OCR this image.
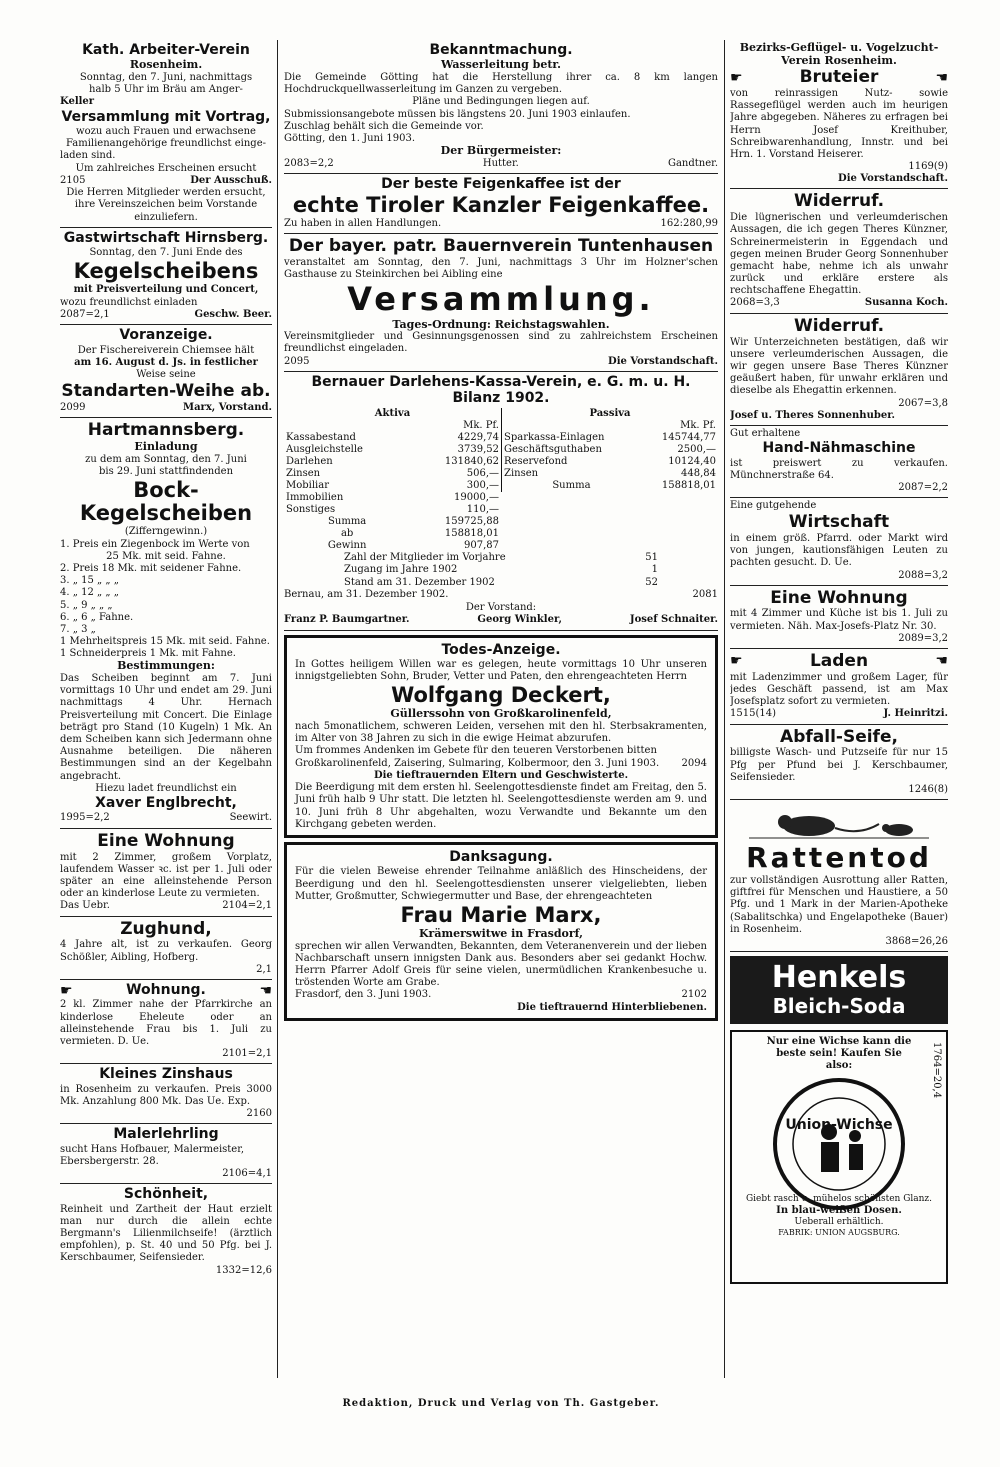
Kath. Arbeiter-Verein
Rosenheim.

Sonntag, den 7. Juni, nachmittags

halb 5 Uhr im Bräu am Anger-

Keller

Versammlung mit Vortrag,

wozu auch Frauen und erwachsene

Familienangehörige freundlichst einge-

laden sind.

Um zahlreiches Erscheinen ersucht

2105	Der Ausschuß.

Die Herren Mitglieder werden ersucht,

ihre Vereinszeichen beim Vorstande

einzuliefern.

Gastwirtschaft Hirnsberg.

Sonntag, den 7. Juni Ende des

Kegelscheibens

mit Preisverteilung und Concert,

wozu freundlichst einladen

2087=2,1	Geschw. Beer.
Voranzeige.

Der Fischereiverein Chiemsee hält

am 16. August d. Js. in festlicher

Weise seine

Standarten-Weihe ab.
2099	Marx, Vorstand.
Hartmannsberg.
Einladung

zu dem am Sonntag, den 7. Juni

bis 29. Juni stattfindenden

Bock-Kegelscheiben

(Zifferngewinn.)

1. Preis ein Ziegenbock im Werte von

25 Mk. mit seid. Fahne.

2. Preis 18 Mk. mit seidener Fahne.

3. „ 15 „ „ „

4. „ 12 „ „ „

5. „ 9 „ „ „

6. „ 6 „ Fahne.

7. „ 3 „

1 Mehrheitspreis 15 Mk. mit seid. Fahne.

1 Schneiderpreis 1 Mk. mit Fahne.

Bestimmungen:

Das Scheiben beginnt am 7. Juni vormittags 10 Uhr und endet am 29. Juni nachmittags 4 Uhr. Hernach Preisverteilung mit Concert. Die Einlage beträgt pro Stand (10 Kugeln) 1 Mk. An dem Scheiben kann sich Jedermann ohne Ausnahme beteiligen. Die näheren Bestimmungen sind an der Kegelbahn angebracht.

Hiezu ladet freundlichst ein

Xaver Englbrecht,
1995=2,2	Seewirt.
Eine Wohnung

mit 2 Zimmer, großem Vorplatz, laufendem Wasser ꝛc. ist per 1. Juli oder später an eine alleinstehende Person oder an kinderlose Leute zu vermieten.

Das Uebr.	2104=2,1
Zughund,

4 Jahre alt, ist zu verkaufen. Georg Schößler, Aibling, Hofberg.

2,1

☛	Wohnung.	☚

2 kl. Zimmer nahe der Pfarrkirche an kinderlose Eheleute oder an alleinstehende Frau bis 1. Juli zu vermieten. D. Ue.

2101=2,1

Kleines Zinshaus

in Rosenheim zu verkaufen. Preis 3000 Mk. Anzahlung 800 Mk. Das Ue. Exp.

2160

Malerlehrling

sucht Hans Hofbauer, Malermeister, Ebersbergerstr. 28.

2106=4,1

Schönheit,

Reinheit und Zartheit der Haut erzielt man nur durch die allein echte Bergmann's Lilienmilchseife! (ärztlich empfohlen), p. St. 40 und 50 Pfg. bei J. Kerschbaumer, Seifensieder.

1332=12,6

Bekanntmachung.
Wasserleitung betr.

Die Gemeinde Götting hat die Herstellung ihrer ca. 8 km langen Hochdruckquellwasserleitung im Ganzen zu vergeben.

Pläne und Bedingungen liegen auf.

Submissionsangebote müssen bis längstens 20. Juni 1903 einlaufen.

Zuschlag behält sich die Gemeinde vor.

Götting, den 1. Juni 1903.

Der Bürgermeister:
2083=2,2	Hutter.	Gandtner.
Der beste Feigenkaffee ist der
echte Tiroler Kanzler Feigenkaffee.
Zu haben in allen Handlungen.	162:280,99
Der bayer. patr. Bauernverein Tuntenhausen

veranstaltet am Sonntag, den 7. Juni, nachmittags 3 Uhr im Holzner'schen Gasthause zu Steinkirchen bei Aibling eine

Versammlung.
Tages-Ordnung: Reichstagswahlen.

Vereinsmitglieder und Gesinnungsgenossen sind zu zahlreichstem Erscheinen freundlichst eingeladen.

2095	Die Vorstandschaft.
Bernauer Darlehens-Kassa-Verein, e. G. m. u. H.
Bilanz 1902.
Aktiva	
	Mk. Pf.
Kassabestand	4229,74
Ausgleichstelle	3739,52
Darlehen	131840,62
Zinsen	506,—
Mobiliar	300,—
Immobilien	19000,—
Sonstiges	110,—
Summa	159725,88
ab	158818,01
Gewinn	907,87
Passiva	
	Mk. Pf.
Sparkassa-Einlagen	145744,77
Geschäftsguthaben	2500,—
Reservefond	10124,40
Zinsen	448,84
Summa	158818,01
Zahl der Mitglieder im Vorjahre	51
Zugang im Jahre 1902	1
Stand am 31. Dezember 1902	52
Bernau, am 31. Dezember 1902.	2081

Der Vorstand:

Franz P. Baumgartner.	Georg Winkler,	Josef Schnaiter.
Todes-Anzeige.

In Gottes heiligem Willen war es gelegen, heute vormittags 10 Uhr unseren innigstgeliebten Sohn, Bruder, Vetter und Paten, den ehrengeachteten Herrn

Wolfgang Deckert,
Güllerssohn von Großkarolinenfeld,

nach 5monatlichem, schweren Leiden, versehen mit den hl. Sterbsakramenten, im Alter von 38 Jahren zu sich in die ewige Heimat abzurufen.

Um frommes Andenken im Gebete für den teueren Verstorbenen bitten

Großkarolinenfeld, Zaisering, Sulmaring, Kolbermoor, den 3. Juni 1903. 2094

Die tieftrauernden Eltern und Geschwisterte.

Die Beerdigung mit dem ersten hl. Seelengottesdienste findet am Freitag, den 5. Juni früh halb 9 Uhr statt. Die letzten hl. Seelengottesdienste werden am 9. und 10. Juni früh 8 Uhr abgehalten, wozu Verwandte und Bekannte um den Kirchgang gebeten werden.

Danksagung.

Für die vielen Beweise ehrender Teilnahme anläßlich des Hinscheidens, der Beerdigung und den hl. Seelengottesdiensten unserer vielgeliebten, lieben Mutter, Großmutter, Schwiegermutter und Base, der ehrengeachteten

Frau Marie Marx,
Krämerswitwe in Frasdorf,

sprechen wir allen Verwandten, Bekannten, dem Veteranenverein und der lieben Nachbarschaft unsern innigsten Dank aus. Besonders aber sei gedankt Hochw. Herrn Pfarrer Adolf Greis für seine vielen, unermüdlichen Krankenbesuche u. tröstenden Worte am Grabe.

Frasdorf, den 3. Juni 1903.	2102

Die tieftrauernd Hinterbliebenen.

Bezirks-Geflügel- u. Vogelzucht-Verein Rosenheim.
☛	Bruteier	☚

von reinrassigen Nutz- sowie Rassegeflügel werden auch im heurigen Jahre abgegeben. Näheres zu erfragen bei Herrn Josef Kreithuber, Schreibwarenhandlung, Innstr. und bei Hrn. 1. Vorstand Heiserer.

1169(9)

Die Vorstandschaft.

Widerruf.

Die lügnerischen und verleumderischen Aussagen, die ich gegen Theres Künzner, Schreinermeisterin in Eggendach und gegen meinen Bruder Georg Sonnenhuber gemacht habe, nehme ich als unwahr zurück und erkläre ersterе als rechtschaffene Ehegattin.

2068=3,3	Susanna Koch.
Widerruf.

Wir Unterzeichneten bestätigen, daß wir unsere verleumderischen Aussagen, die wir gegen unsere Base Theres Künzner geäußert haben, für unwahr erklären und dieselbe als Ehegattin erkennen.

2067=3,8

Josef u. Theres Sonnenhuber.

Gut erhaltene

Hand-Nähmaschine

ist preiswert zu verkaufen. Münchnerstraße 64.

2087=2,2

Eine gutgehende

Wirtschaft

in einem größ. Pfarrd. oder Markt wird von jungen, kautionsfähigen Leuten zu pachten gesucht. D. Ue.

2088=3,2

Eine Wohnung

mit 4 Zimmer und Küche ist bis 1. Juli zu vermieten. Näh. Max-Josefs-Platz Nr. 30.

2089=3,2

☛	Laden	☚

mit Ladenzimmer und großem Lager, für jedes Geschäft passend, ist am Max Josefsplatz sofort zu vermieten.

1515(14)	J. Heinritzi.
Abfall-Seife,

billigste Wasch- und Putzseife für nur 15 Pfg per Pfund bei J. Kerschbaumer, Seifensieder.

1246(8)

Rattentod

zur vollständigen Ausrottung aller Ratten, giftfrei für Menschen und Haustiere, a 50 Pfg. und 1 Mark in der Marien-Apotheke (Sabalitschka) und Engelapotheke (Bauer) in Rosenheim.

3868=26,26

Henkels
Bleich-Soda

Nur eine Wichse kann die beste sein! Kaufen Sie also:	1764=20,4
Union-Wichse

Giebt rasch u. mühelos schönsten Glanz.

In blau-weißen Dosen.

Ueberall erhältlich.

FABRIK: UNION AUGSBURG.

Redaktion, Druck und Verlag von Th. Gastgeber.
